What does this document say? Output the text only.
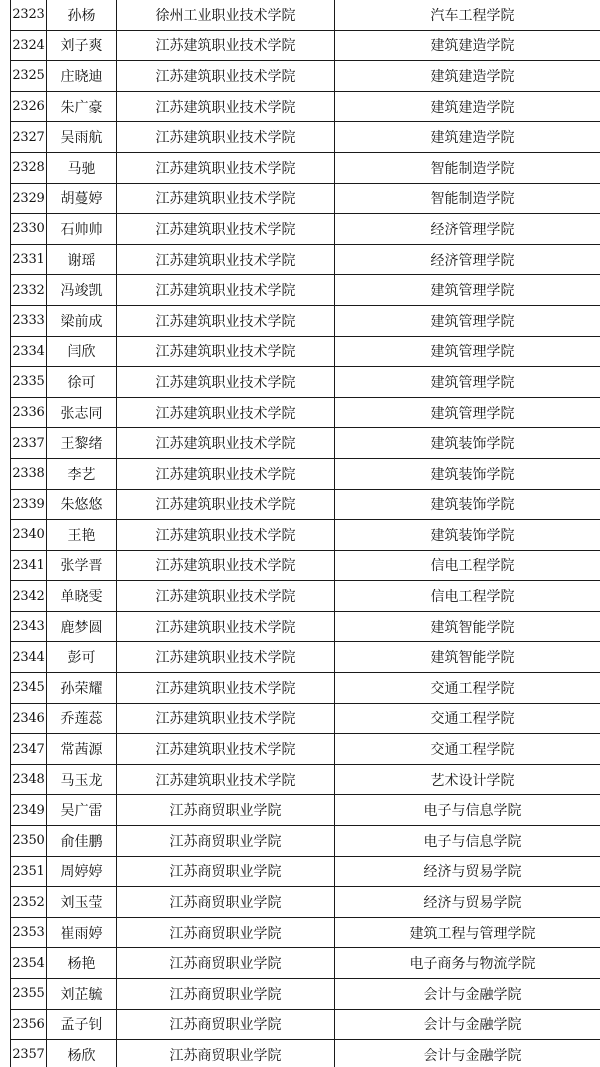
2323	孙杨	徐州工业职业技术学院	汽车工程学院
2324	刘子爽	江苏建筑职业技术学院	建筑建造学院
2325	庄晓迪	江苏建筑职业技术学院	建筑建造学院
2326	朱广豪	江苏建筑职业技术学院	建筑建造学院
2327	吴雨航	江苏建筑职业技术学院	建筑建造学院
2328	马驰	江苏建筑职业技术学院	智能制造学院
2329	胡蔓婷	江苏建筑职业技术学院	智能制造学院
2330	石帅帅	江苏建筑职业技术学院	经济管理学院
2331	谢瑶	江苏建筑职业技术学院	经济管理学院
2332	冯竣凯	江苏建筑职业技术学院	建筑管理学院
2333	梁前成	江苏建筑职业技术学院	建筑管理学院
2334	闫欣	江苏建筑职业技术学院	建筑管理学院
2335	徐可	江苏建筑职业技术学院	建筑管理学院
2336	张志同	江苏建筑职业技术学院	建筑管理学院
2337	王黎绪	江苏建筑职业技术学院	建筑装饰学院
2338	李艺	江苏建筑职业技术学院	建筑装饰学院
2339	朱悠悠	江苏建筑职业技术学院	建筑装饰学院
2340	王艳	江苏建筑职业技术学院	建筑装饰学院
2341	张学晋	江苏建筑职业技术学院	信电工程学院
2342	单晓雯	江苏建筑职业技术学院	信电工程学院
2343	鹿梦圆	江苏建筑职业技术学院	建筑智能学院
2344	彭可	江苏建筑职业技术学院	建筑智能学院
2345	孙荣耀	江苏建筑职业技术学院	交通工程学院
2346	乔莲蕊	江苏建筑职业技术学院	交通工程学院
2347	常茜源	江苏建筑职业技术学院	交通工程学院
2348	马玉龙	江苏建筑职业技术学院	艺术设计学院
2349	吴广雷	江苏商贸职业学院	电子与信息学院
2350	俞佳鹏	江苏商贸职业学院	电子与信息学院
2351	周婷婷	江苏商贸职业学院	经济与贸易学院
2352	刘玉莹	江苏商贸职业学院	经济与贸易学院
2353	崔雨婷	江苏商贸职业学院	建筑工程与管理学院
2354	杨艳	江苏商贸职业学院	电子商务与物流学院
2355	刘芷毓	江苏商贸职业学院	会计与金融学院
2356	孟子钊	江苏商贸职业学院	会计与金融学院
2357	杨欣	江苏商贸职业学院	会计与金融学院
